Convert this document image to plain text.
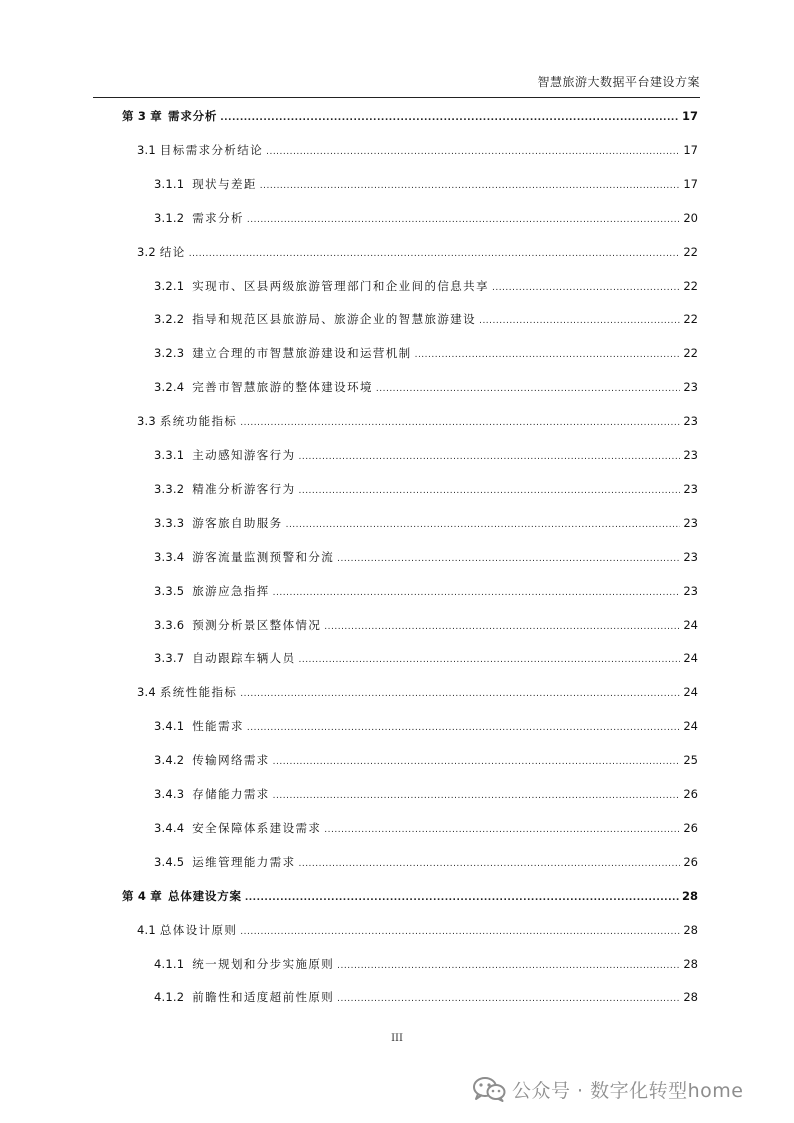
智慧旅游大数据平台建设方案
第 3 章 需求分析 .....	17
3.1 目标需求分析结论 .....	17
3.1.1 现状与差距 .....	17
3.1.2 需求分析 .....	20
3.2 结论 .....	22
3.2.1 实现市、区县两级旅游管理部门和企业间的信息共享 .....	22
3.2.2 指导和规范区县旅游局、旅游企业的智慧旅游建设 .....	22
3.2.3 建立合理的市智慧旅游建设和运营机制 .....	22
3.2.4 完善市智慧旅游的整体建设环境 .....	23
3.3 系统功能指标 .....	23
3.3.1 主动感知游客行为 .....	23
3.3.2 精准分析游客行为 .....	23
3.3.3 游客旅自助服务 .....	23
3.3.4 游客流量监测预警和分流 .....	23
3.3.5 旅游应急指挥 .....	23
3.3.6 预测分析景区整体情况 .....	24
3.3.7 自动跟踪车辆人员 .....	24
3.4 系统性能指标 .....	24
3.4.1 性能需求 .....	24
3.4.2 传输网络需求 .....	25
3.4.3 存储能力需求 .....	26
3.4.4 安全保障体系建设需求 .....	26
3.4.5 运维管理能力需求 .....	26
第 4 章 总体建设方案 .....	28
4.1 总体设计原则 .....	28
4.1.1 统一规划和分步实施原则 .....	28
4.1.2 前瞻性和适度超前性原则 .....	28
III
公众号 · 数字化转型home
